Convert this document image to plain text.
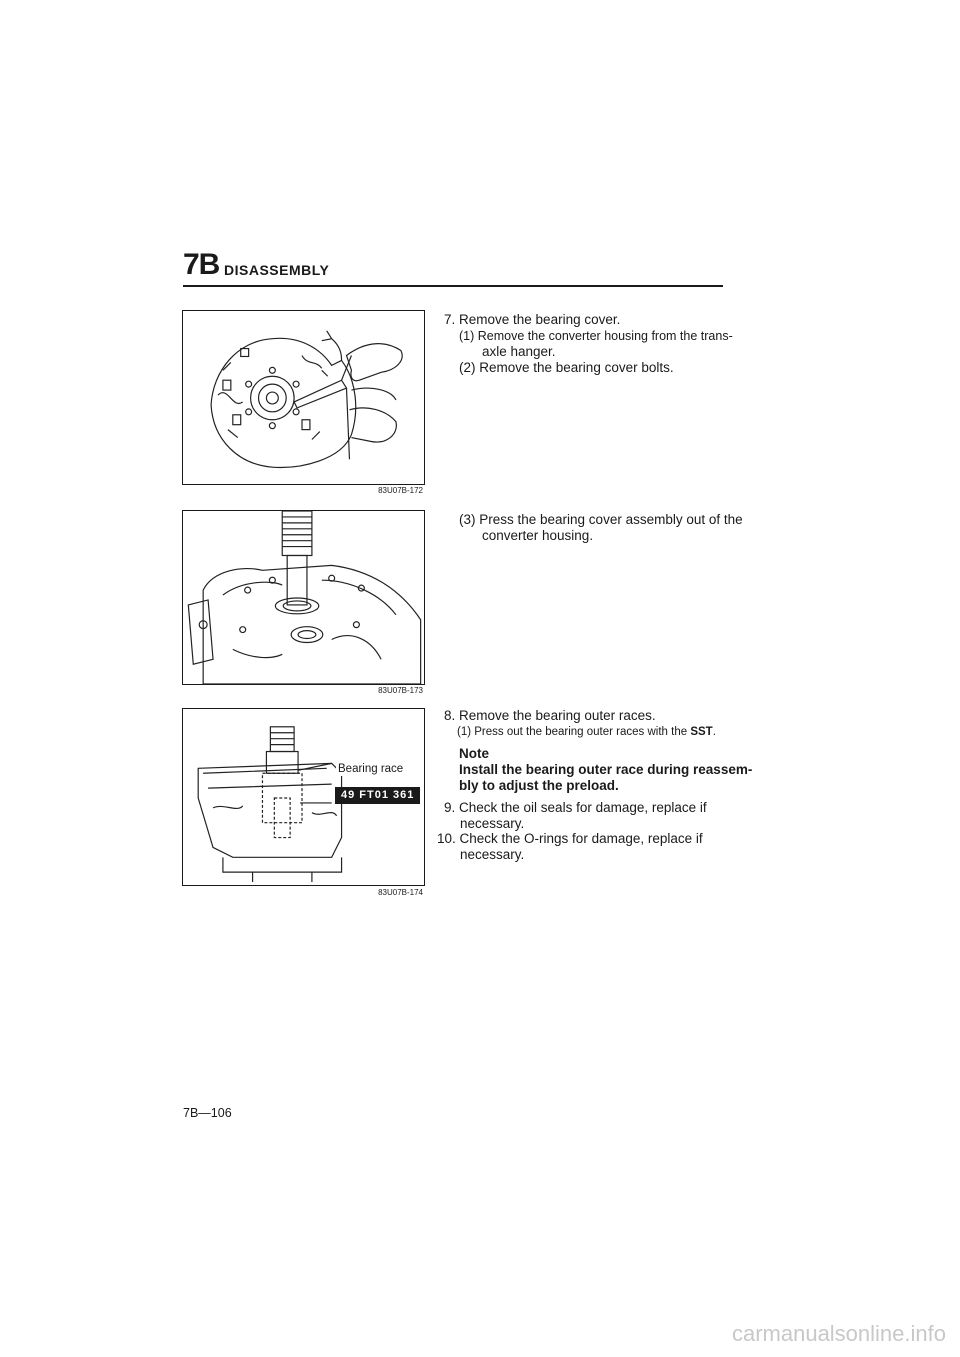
7B DISASSEMBLY
83U07B-172
83U07B-173
Bearing race
49 FT01 361
83U07B-174
7. Remove the bearing cover.
(1) Remove the converter housing from the trans-
axle hanger.
(2) Remove the bearing cover bolts.
(3) Press the bearing cover assembly out of the
converter housing.
8. Remove the bearing outer races.
(1) Press out the bearing outer races with the SST.
Note
Install the bearing outer race during reassem-
bly to adjust the preload.
9. Check the oil seals for damage, replace if
necessary.
10. Check the O-rings for damage, replace if
necessary.
7B—106
carmanualsonline.info
